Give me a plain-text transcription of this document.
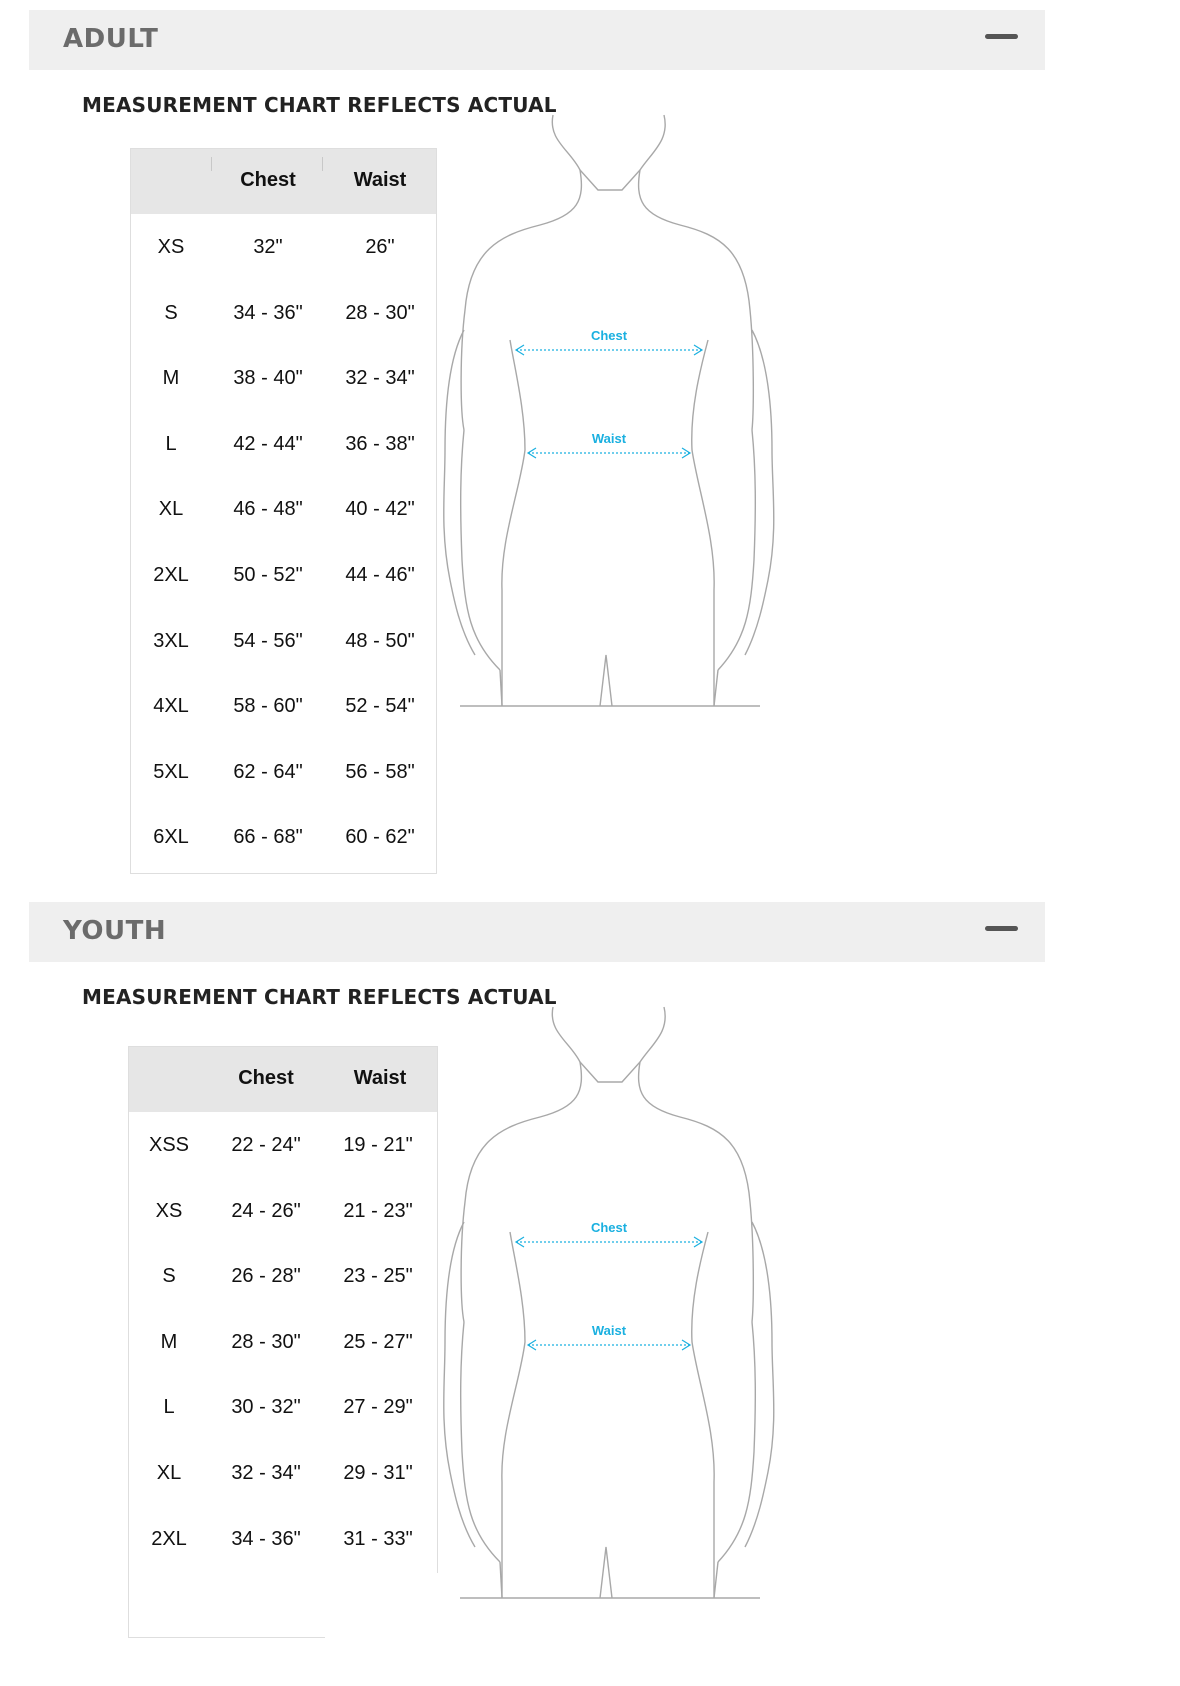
ADULT
MEASUREMENT CHART REFLECTS ACTUAL
Chest	Waist
XS	32"	26"
S	34 - 36"	28 - 30"
M	38 - 40"	32 - 34"
L	42 - 44"	36 - 38"
XL	46 - 48"	40 - 42"
2XL	50 - 52"	44 - 46"
3XL	54 - 56"	48 - 50"
4XL	58 - 60"	52 - 54"
5XL	62 - 64"	56 - 58"
6XL	66 - 68"	60 - 62"
Chest
Waist
YOUTH
MEASUREMENT CHART REFLECTS ACTUAL
Chest	Waist
XSS	22 - 24"	19 - 21"
XS	24 - 26"	21 - 23"
S	26 - 28"	23 - 25"
M	28 - 30"	25 - 27"
L	30 - 32"	27 - 29"
XL	32 - 34"	29 - 31"
2XL	34 - 36"	31 - 33"
Chest
Waist
